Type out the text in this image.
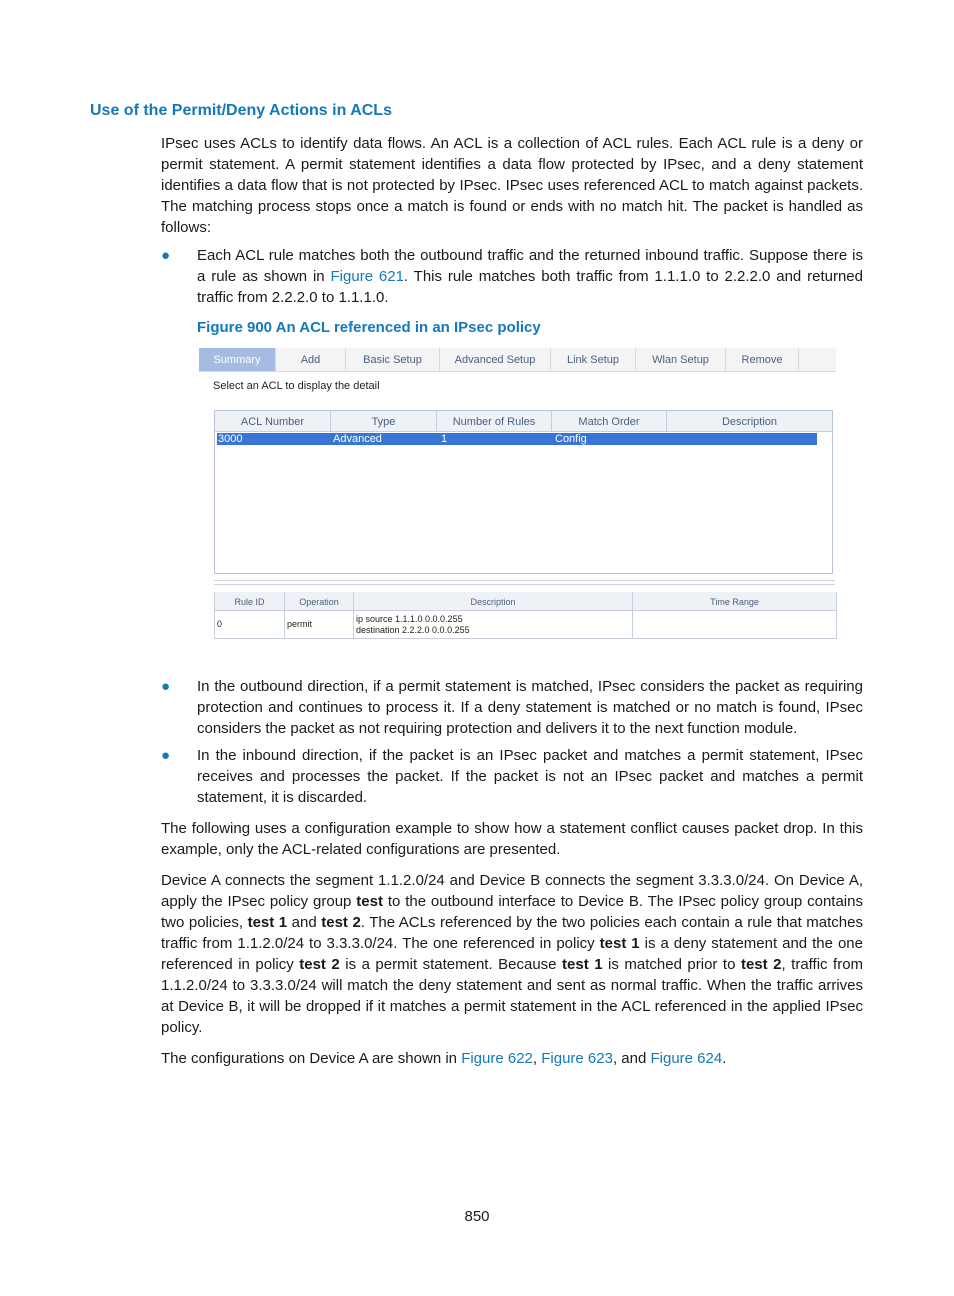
Use of the Permit/Deny Actions in ACLs
IPsec uses ACLs to identify data flows. An ACL is a collection of ACL rules. Each ACL rule is a deny or permit statement. A permit statement identifies a data flow protected by IPsec, and a deny statement identifies a data flow that is not protected by IPsec. IPsec uses referenced ACL to match against packets. The matching process stops once a match is found or ends with no match hit. The packet is handled as follows:
● Each ACL rule matches both the outbound traffic and the returned inbound traffic. Suppose there is a rule as shown in Figure 621. This rule matches both traffic from 1.1.1.0 to 2.2.2.0 and returned traffic from 2.2.2.0 to 1.1.1.0.
Figure 900 An ACL referenced in an IPsec policy
Summary	Add	Basic Setup	Advanced Setup	Link Setup	Wlan Setup	Remove
Select an ACL to display the detail
ACL Number	Type	Number of Rules	Match Order	Description
3000	Advanced	1	Config
Rule ID	Operation	Description	Time Range
0	permit	ip source 1.1.1.0 0.0.0.255
destination 2.2.2.0 0.0.0.255
● In the outbound direction, if a permit statement is matched, IPsec considers the packet as requiring protection and continues to process it. If a deny statement is matched or no match is found, IPsec considers the packet as not requiring protection and delivers it to the next function module.
● In the inbound direction, if the packet is an IPsec packet and matches a permit statement, IPsec receives and processes the packet. If the packet is not an IPsec packet and matches a permit statement, it is discarded.
The following uses a configuration example to show how a statement conflict causes packet drop. In this example, only the ACL-related configurations are presented.
Device A connects the segment 1.1.2.0/24 and Device B connects the segment 3.3.3.0/24. On Device A, apply the IPsec policy group test to the outbound interface to Device B. The IPsec policy group contains two policies, test 1 and test 2. The ACLs referenced by the two policies each contain a rule that matches traffic from 1.1.2.0/24 to 3.3.3.0/24. The one referenced in policy test 1 is a deny statement and the one referenced in policy test 2 is a permit statement. Because test 1 is matched prior to test 2, traffic from 1.1.2.0/24 to 3.3.3.0/24 will match the deny statement and sent as normal traffic. When the traffic arrives at Device B, it will be dropped if it matches a permit statement in the ACL referenced in the applied IPsec policy.
The configurations on Device A are shown in Figure 622, Figure 623, and Figure 624.
850
